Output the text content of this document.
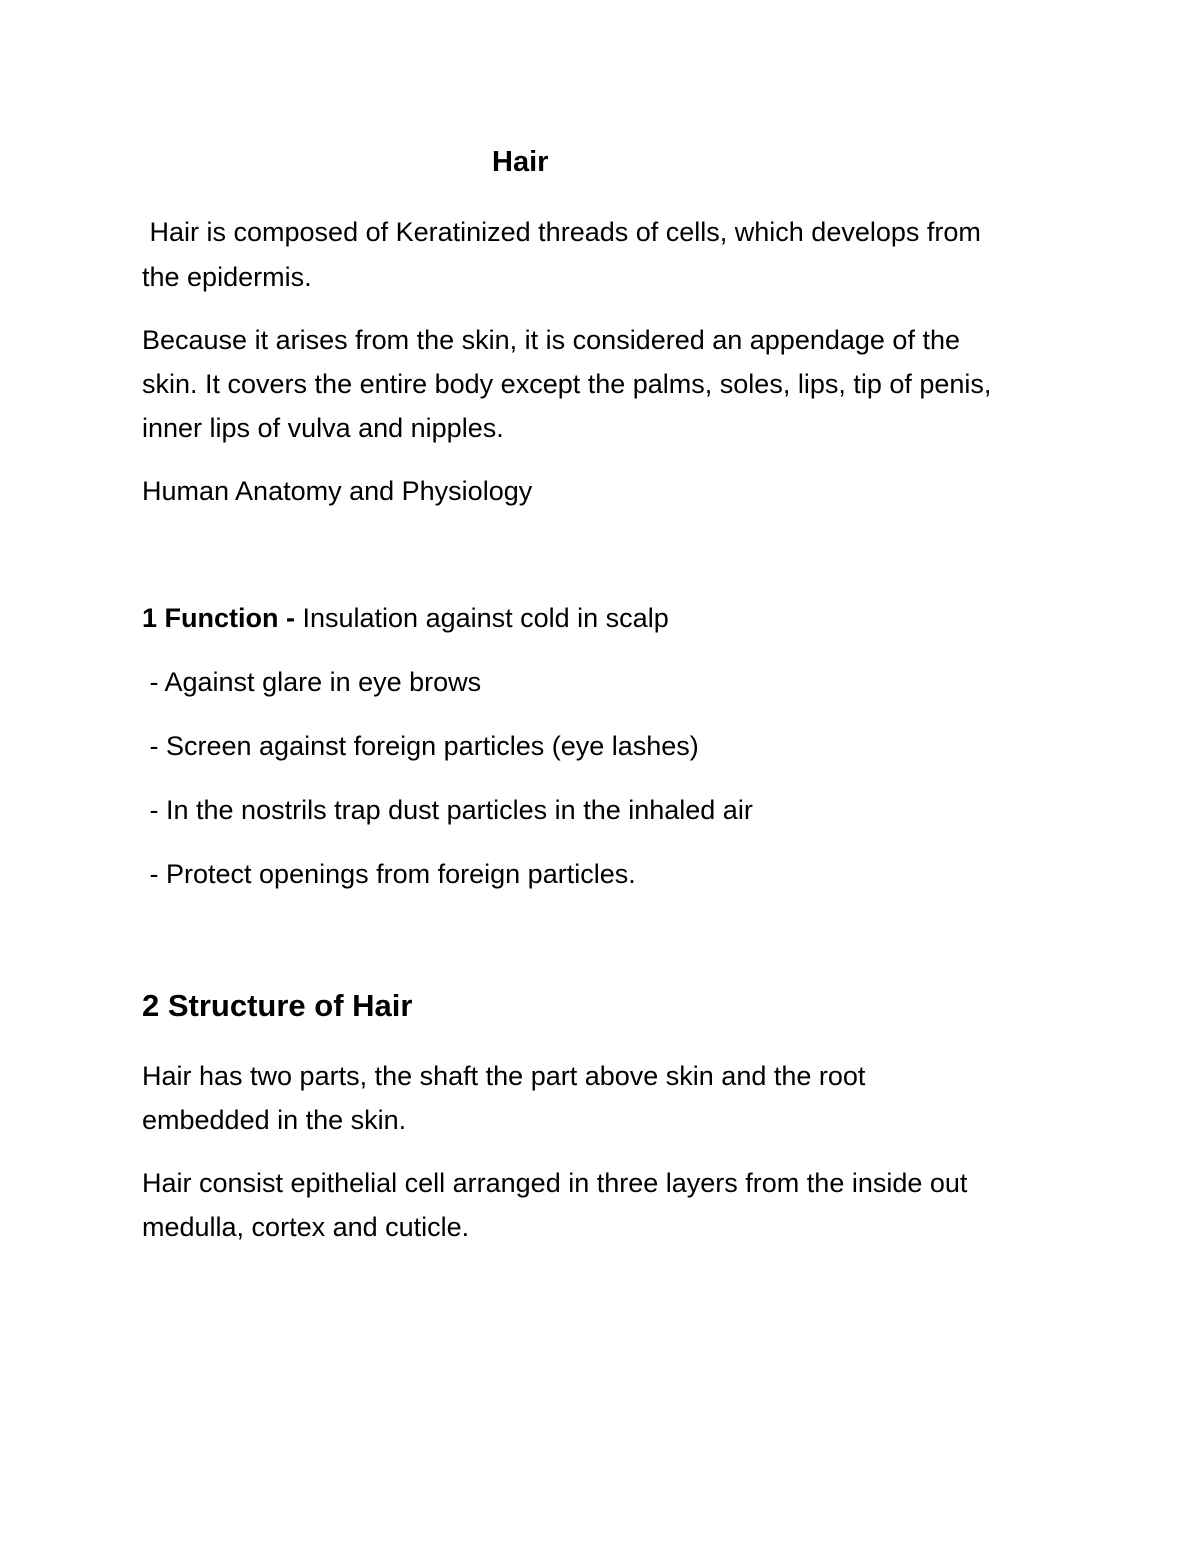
Hair
Hair is composed of Keratinized threads of cells, which develops from
the epidermis.
Because it arises from the skin, it is considered an appendage of the
skin. It covers the entire body except the palms, soles, lips, tip of penis,
inner lips of vulva and nipples.
Human Anatomy and Physiology
1 Function - Insulation against cold in scalp
- Against glare in eye brows
- Screen against foreign particles (eye lashes)
- In the nostrils trap dust particles in the inhaled air
- Protect openings from foreign particles.
2 Structure of Hair
Hair has two parts, the shaft the part above skin and the root
embedded in the skin.
Hair consist epithelial cell arranged in three layers from the inside out
medulla, cortex and cuticle.
